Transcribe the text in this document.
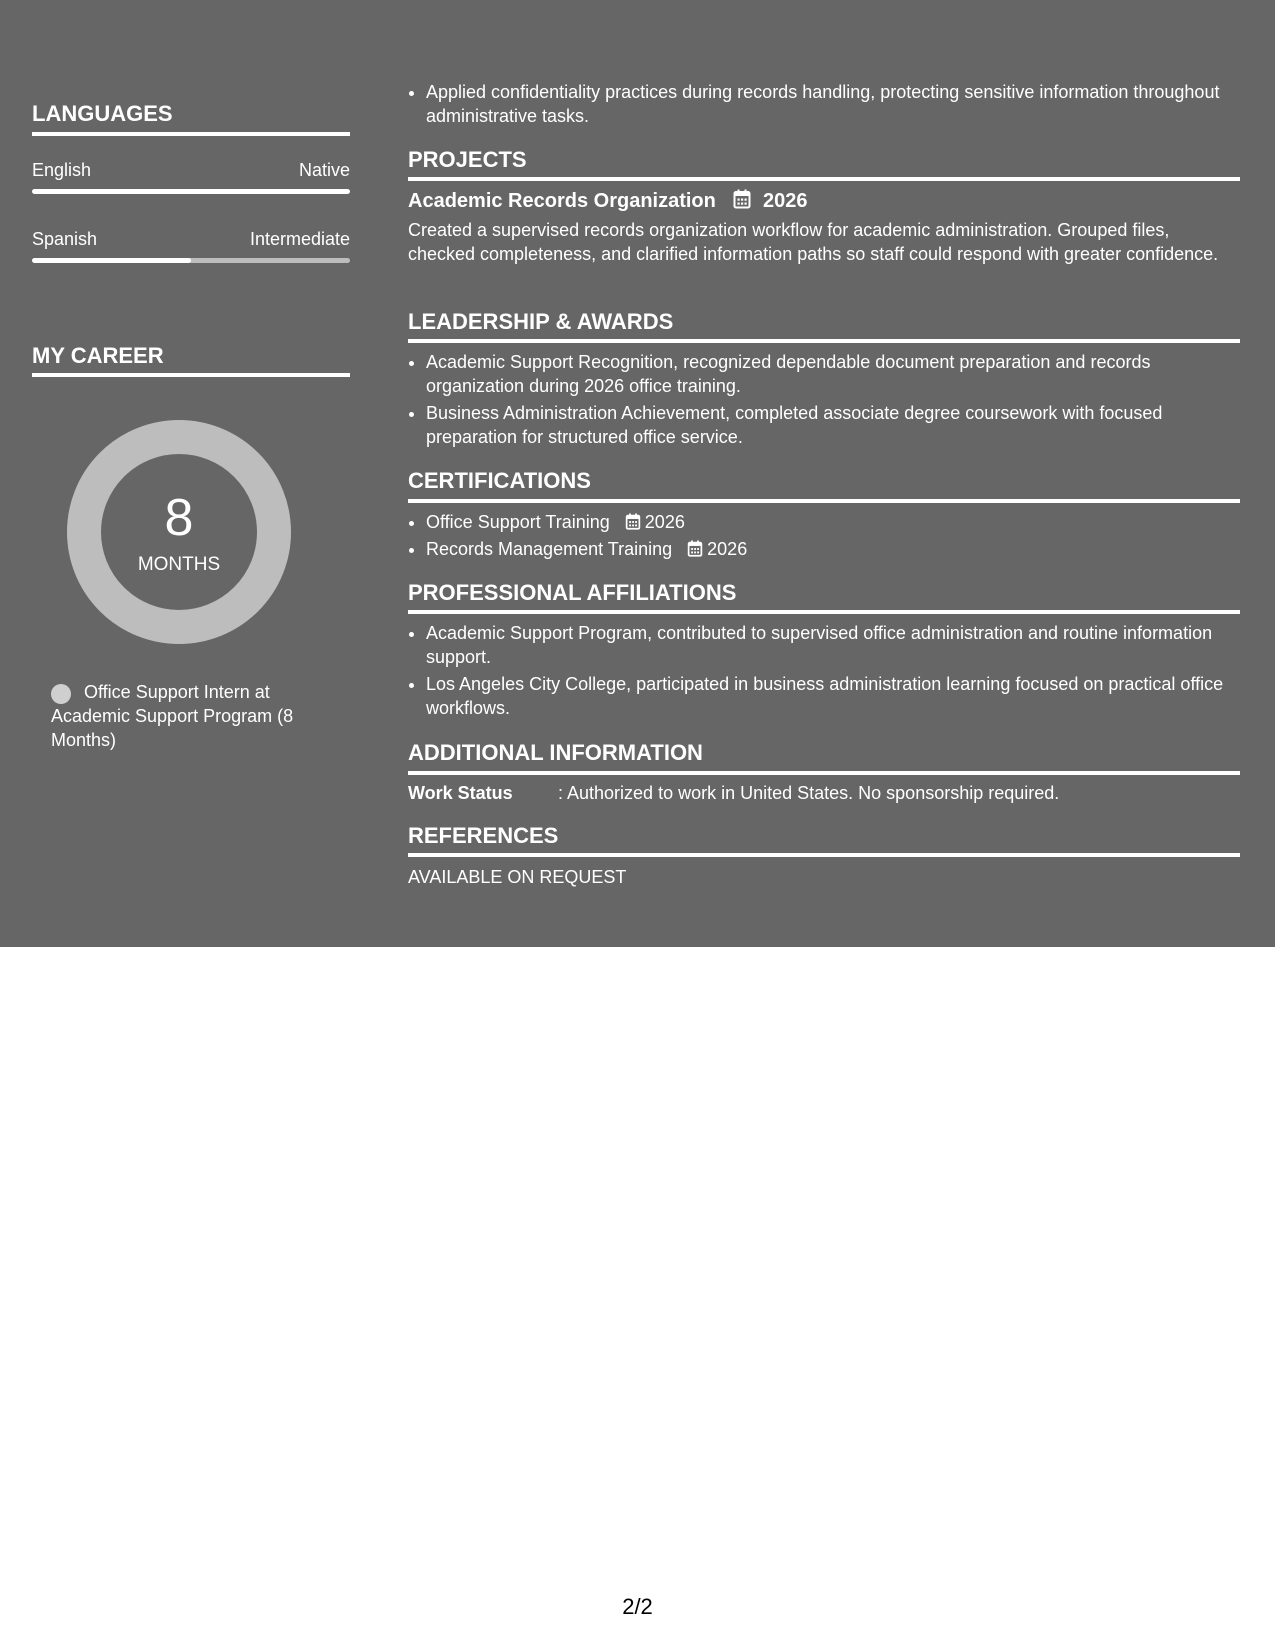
LANGUAGES
English	Native
Spanish	Intermediate
MY CAREER
8
MONTHS
Office Support Intern at Academic Support Program (8 Months)
• Applied confidentiality practices during records handling, protecting sensitive information throughout administrative tasks.
PROJECTS
Academic Records Organization 2026
Created a supervised records organization workflow for academic administration. Grouped files, checked completeness, and clarified information paths so staff could respond with greater confidence.
LEADERSHIP & AWARDS
• Academic Support Recognition, recognized dependable document preparation and records organization during 2026 office training.
• Business Administration Achievement, completed associate degree coursework with focused preparation for structured office service.
CERTIFICATIONS
• Office Support Training 2026
• Records Management Training 2026
PROFESSIONAL AFFILIATIONS
• Academic Support Program, contributed to supervised office administration and routine information support.
• Los Angeles City College, participated in business administration learning focused on practical office workflows.
ADDITIONAL INFORMATION
Work Status	: Authorized to work in United States. No sponsorship required.
REFERENCES
AVAILABLE ON REQUEST
2/2
